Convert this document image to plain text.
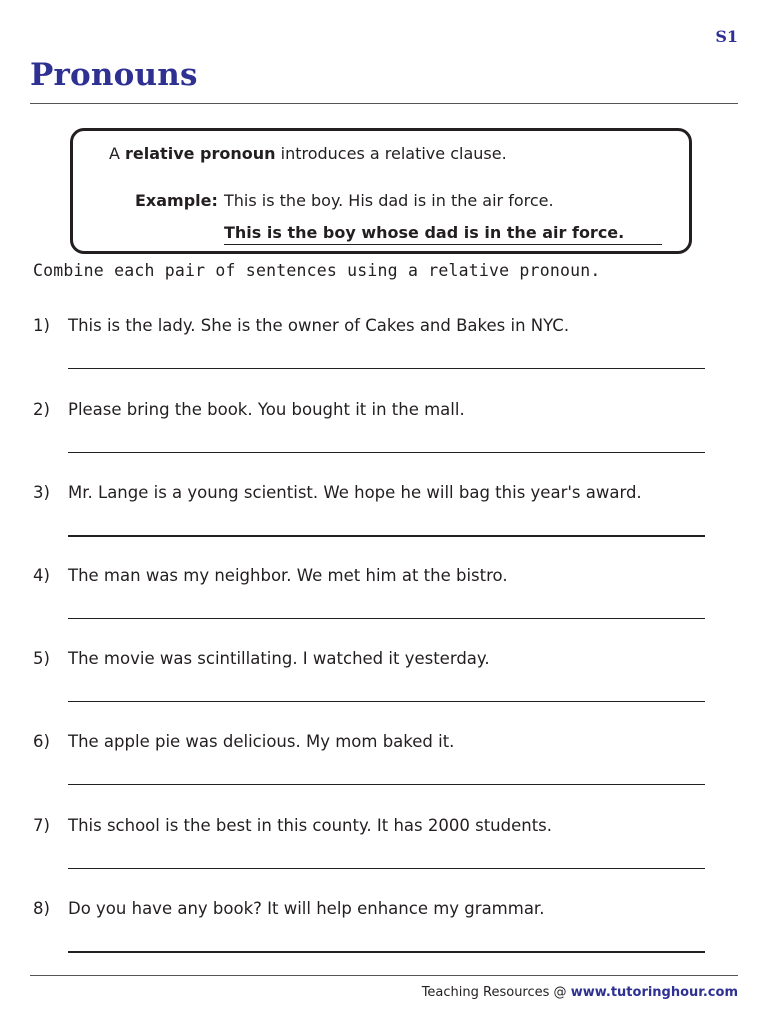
S1
Pronouns
A relative pronoun introduces a relative clause.
Example: This is the boy. His dad is in the air force.
This is the boy whose dad is in the air force.
Combine each pair of sentences using a relative pronoun.
1) This is the lady. She is the owner of Cakes and Bakes in NYC.
2) Please bring the book. You bought it in the mall.
3) Mr. Lange is a young scientist. We hope he will bag this year's award.
4) The man was my neighbor. We met him at the bistro.
5) The movie was scintillating. I watched it yesterday.
6) The apple pie was delicious. My mom baked it.
7) This school is the best in this county. It has 2000 students.
8) Do you have any book? It will help enhance my grammar.
Teaching Resources @ www.tutoringhour.com
